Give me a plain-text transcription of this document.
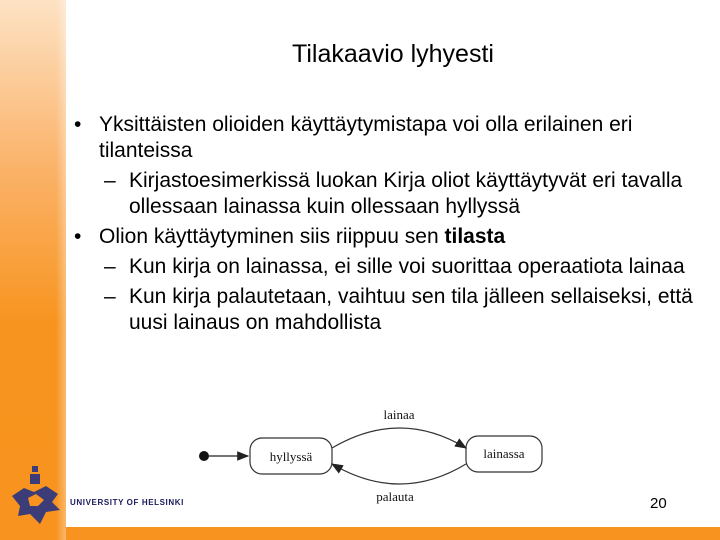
Tilakaavio lyhyesti
• Yksittäisten olioiden käyttäytymistapa voi olla erilainen eri tilanteissa
– Kirjastoesimerkissä luokan Kirja oliot käyttäytyvät eri tavalla ollessaan lainassa kuin ollessaan hyllyssä
• Olion käyttäytyminen siis riippuu sen tilasta
– Kun kirja on lainassa, ei sille voi suorittaa operaatiota lainaa
– Kun kirja palautetaan, vaihtuu sen tila jälleen sellaiseksi, että uusi lainaus on mahdollista
hyllyssä	lainassa
lainaa
palauta
UNIVERSITY OF HELSINKI	20
